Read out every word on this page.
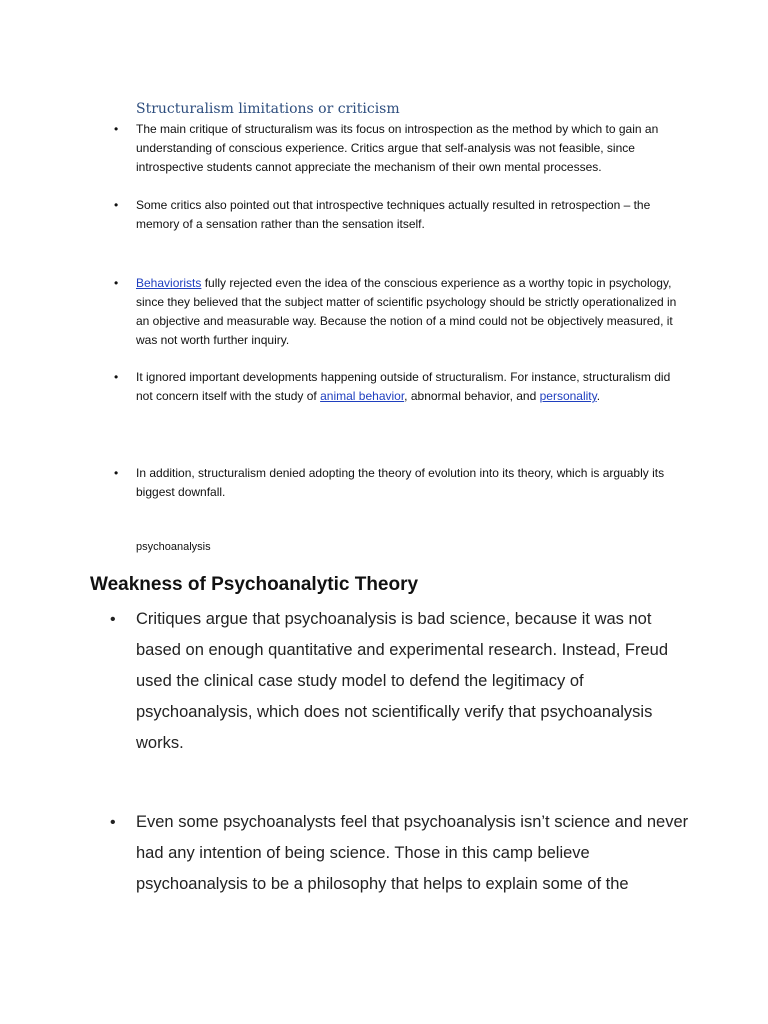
Structuralism limitations or criticism
• The main critique of structuralism was its focus on introspection as the method by which to gain an understanding of conscious experience. Critics argue that self-analysis was not feasible, since introspective students cannot appreciate the mechanism of their own mental processes.
• Some critics also pointed out that introspective techniques actually resulted in retrospection – the memory of a sensation rather than the sensation itself.
• Behaviorists fully rejected even the idea of the conscious experience as a worthy topic in psychology, since they believed that the subject matter of scientific psychology should be strictly operationalized in an objective and measurable way. Because the notion of a mind could not be objectively measured, it was not worth further inquiry.
• It ignored important developments happening outside of structuralism. For instance, structuralism did not concern itself with the study of animal behavior, abnormal behavior, and personality.
• In addition, structuralism denied adopting the theory of evolution into its theory, which is arguably its biggest downfall.
psychoanalysis
Weakness of Psychoanalytic Theory
• Critiques argue that psychoanalysis is bad science, because it was not based on enough quantitative and experimental research. Instead, Freud used the clinical case study model to defend the legitimacy of psychoanalysis, which does not scientifically verify that psychoanalysis works.
• Even some psychoanalysts feel that psychoanalysis isn’t science and never had any intention of being science. Those in this camp believe psychoanalysis to be a philosophy that helps to explain some of the
